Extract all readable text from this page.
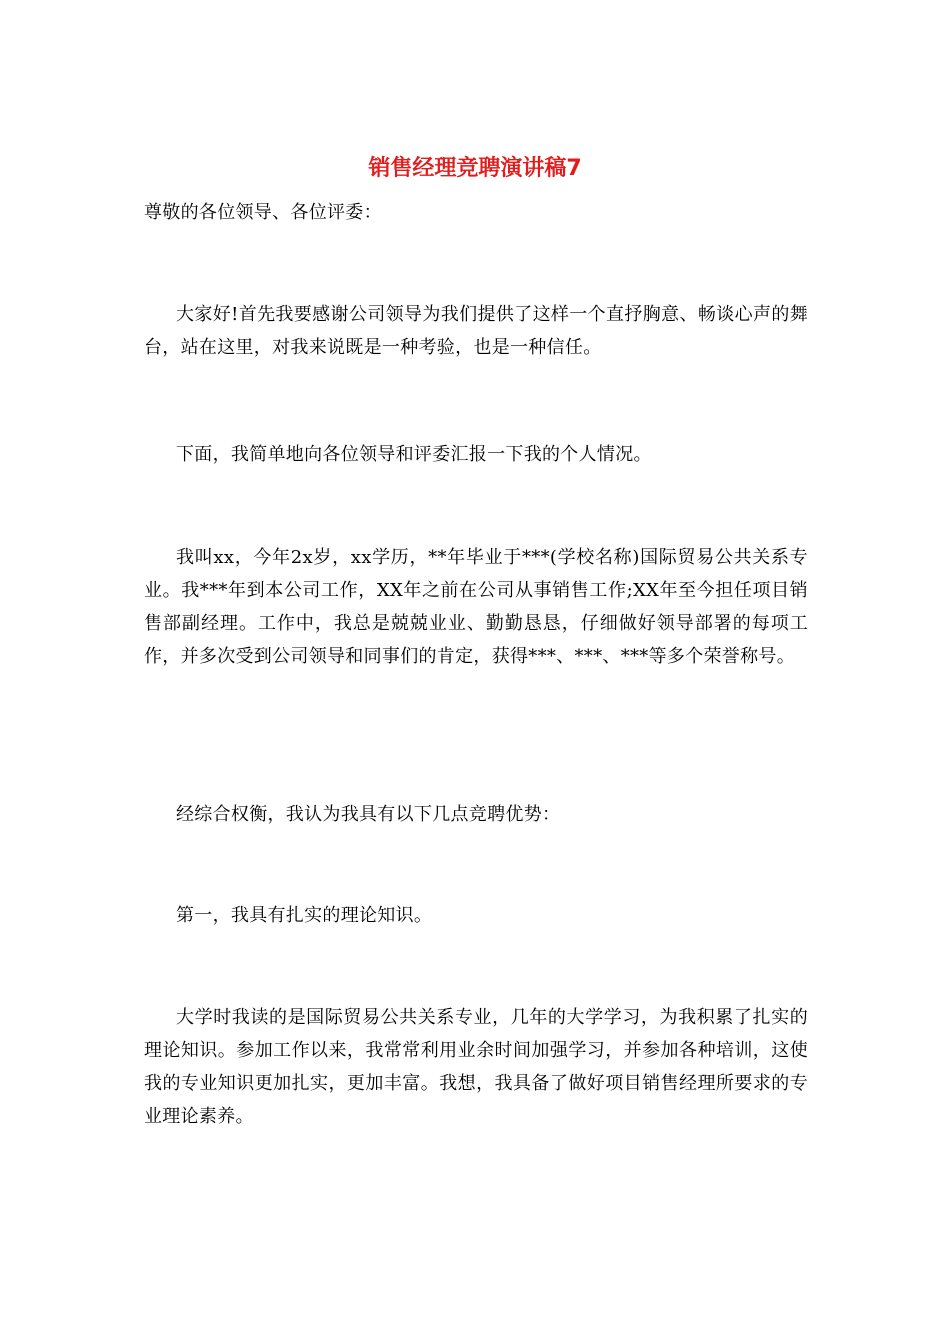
销售经理竞聘演讲稿7

尊敬的各位领导、各位评委：

大家好!首先我要感谢公司领导为我们提供了这样一个直抒胸意、畅谈心声的舞台，站在这里，对我来说既是一种考验，也是一种信任。

下面，我简单地向各位领导和评委汇报一下我的个人情况。

我叫xx，今年2x岁，xx学历，**年毕业于***(学校名称)国际贸易公共关系专业。我***年到本公司工作，XX年之前在公司从事销售工作;XX年至今担任项目销售部副经理。工作中，我总是兢兢业业、勤勤恳恳，仔细做好领导部署的每项工作，并多次受到公司领导和同事们的肯定，获得***、***、***等多个荣誉称号。

经综合权衡，我认为我具有以下几点竞聘优势：

第一，我具有扎实的理论知识。

大学时我读的是国际贸易公共关系专业，几年的大学学习，为我积累了扎实的理论知识。参加工作以来，我常常利用业余时间加强学习，并参加各种培训，这使我的专业知识更加扎实，更加丰富。我想，我具备了做好项目销售经理所要求的专业理论素养。
